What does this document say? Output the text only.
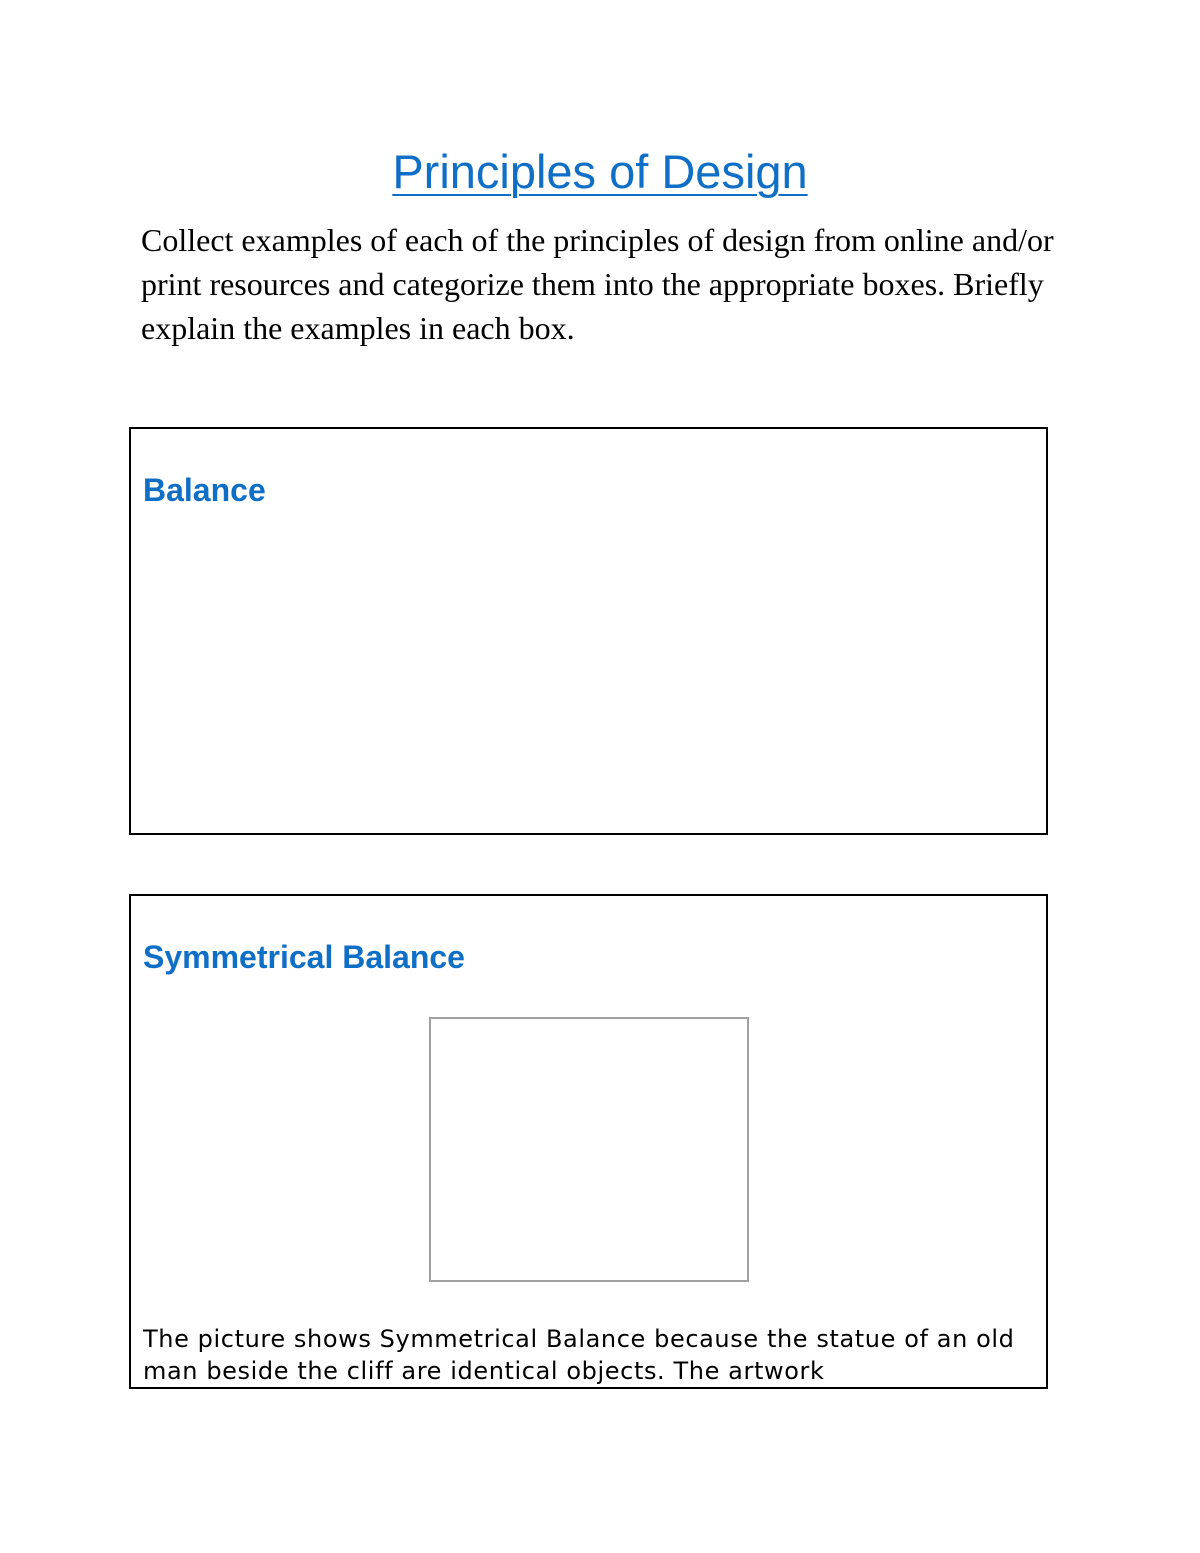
Principles of Design
Collect examples of each of the principles of design from online and/or print resources and categorize them into the appropriate boxes. Briefly explain the examples in each box.
Balance
Symmetrical Balance
The picture shows Symmetrical Balance because the statue of an old man beside the cliff are identical objects. The artwork
